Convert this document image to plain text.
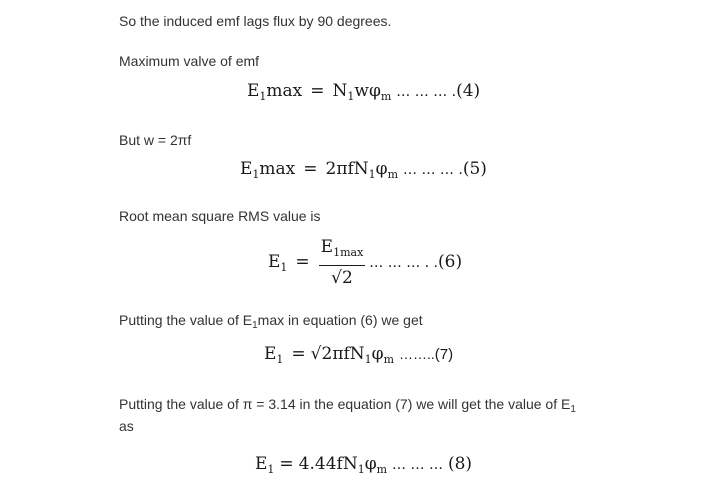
So the induced emf lags flux by 90 degrees.
Maximum valve of emf
$E_1\max = N_1w\varphi_m$ … … … .(4)
But w = 2πf
$E_1\max = 2\pi fN_1\varphi_m$ … … … .(5)
Root mean square RMS value is
$E_1 = \frac{E_{1max}}{√2}$ … … … . .(6)
Putting the value of $E_1\max$ in equation (6) we get
$E_1 = √2\pi fN_1\varphi_m$ ……..(7)
Putting the value of π = 3.14 in the equation (7) we will get the value of $E_1$
as
$E_1 = 4.44fN_1\varphi_m$ … … … (8)
